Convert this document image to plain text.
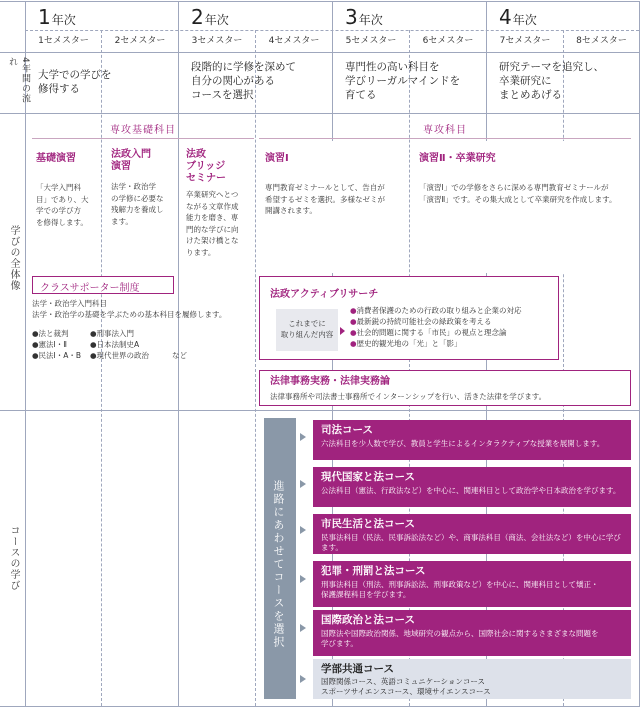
1年次	2年次	3年次	4年次
1セメスター	2セメスター	3セメスター	4セメスター	5セメスター	6セメスター	7セメスター	8セメスター
4年間の流れ
学びの全体像
コースの学び
大学での学びを
修得する
段階的に学修を深めて
自分の関心がある
コースを選択
専門性の高い科目を
学びリーガルマインドを
育てる
研究テーマを追究し、
卒業研究に
まとめあげる
専攻基礎科目
基礎演習
「大学入門科
目」であり、大
学での学び方
を修得します。
法政入門
演習
法学・政治学
の学修に必要な
残解力を養成し
ます。
法政
ブリッジ
セミナー
卒業研究へとつ
ながる文章作成
能力を磨き、専
門的な学びに向
けた架け橋とな
ります。
専攻科目
演習Ⅰ
専門教育ゼミナールとして、告自が
希望するゼミを選択。多様なゼミが
開講されます。
演習Ⅱ・卒業研究
「演習Ⅰ」での学修をさらに深める専門教育ゼミナールが
「演習Ⅱ」です。その集大成として卒業研究を作成します。
クラスサポーター制度
法学・政治学入門科目
法学・政治学の基礎を学ぶための基本科目を履修します。
●法と裁判
●憲法Ⅰ・Ⅱ
●民法Ⅰ・A・B
●刑事法入門
●日本法制史A
●現代世界の政治	など
法政アクティブリサーチ
これまでに
取り組んだ内容
●消費者保護のための行政の取り組みと企業の対応
●最新鋭の持続可能社会の緑政策を考える
●社会的問題に関する「市民」の視点と理念論
●歴史的観光地の「光」と「影」
法律事務実務・法律実務論
法律事務所や司法書士事務所でインターンシップを行い、活きた法律を学びます。
進路にあわせてコースを選択
司法コース
六法科目を少人数で学び、教員と学生によるインタラクティブな授業を展開します。
現代国家と法コース
公法科目（憲法、行政法など）を中心に、関連科目として政治学や日本政治を学びます。
市民生活と法コース
民事法科目（民法、民事訴訟法など）や、商事法科目（商法、会社法など）を中心に学びます。
犯罪・刑罰と法コース
刑事法科目（刑法、刑事訴訟法、刑事政策など）を中心に、関連科目として矯正・
保護課程科目を学びます。
国際政治と法コース
国際法や国際政治関係、地域研究の観点から、国際社会に関するさまざまな問題を
学びます。
学部共通コース
国際関係コース、英語コミュニケーションコース
スポーツサイエンスコース、環境サイエンスコース
